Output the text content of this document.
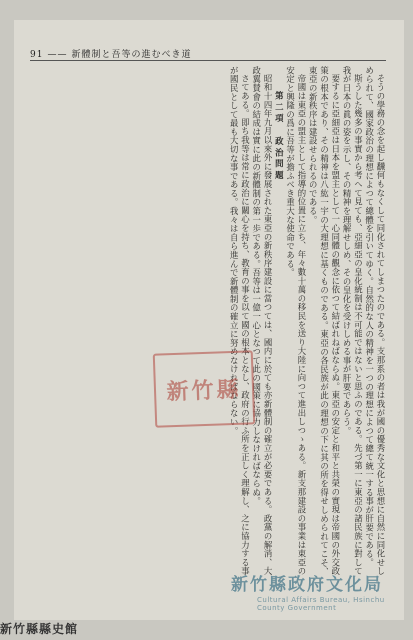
91 —— 新體制と吾等の進むべき道

そうの學務の念を起し飜何もなくして同化されてしまつたのである。支那系の者は我が國の優秀な文化と思想に自然に同化せしめられて、國家政治の理想によつて總體を引いてゆく。自然的な人の精神を一つの理想によつて總て統一する事が肝要である。

斯うした幾多の事實から考へて見ても、亞細亞の皇化統制は不可能ではないと思ふのである。先づ第一に東亞の諸民族に對して我が日本の眞の姿を示し、その精神を理解せしめ、その皇化を受けしめる事が肝要であらう。

要するに亞細亞は日本を盟主として一心同體の觀念に依つて結ばれねばならぬ。東亞の安定と和平と共榮の實現は帝國の外交政策の根本であり、その精神は八紘一宇の大理想に基くものである。東亞の各民族が此の理想の下に其の所を得せしめられてこそ、東亞の新秩序は建設せられるのである。

帝國は東亞の盟主として指導的位置に立ち、年々數十萬の移民を送り大陸に向つて進出しつゝある。新支那建設の事業は東亞の安定と興隆の爲に吾等が擔ふべき重大な使命である。

第二項　政治問題

昭和十四年九月以來外に發展された東亞の新秩序建設に當つては、國内に於ても亦新體制の確立が必要である。政黨の解消、大政翼賛會の結成は實に此の新體制の第一歩である。吾等は一億一心となつて此の國策に協力しなければならぬ。

さてある。即ち我等は常に政治に關心を持ち、教育の事を以て國の根本となし、政府の行ふ所を正しく理解し、之に協力する事が國民として最も大切な事である。我々は自ら進んで新體制の確立に努めなければならない。

新竹縣
新竹縣政府文化局
Cultural Affairs Bureau, Hsinchu County Government
新竹縣縣史館
